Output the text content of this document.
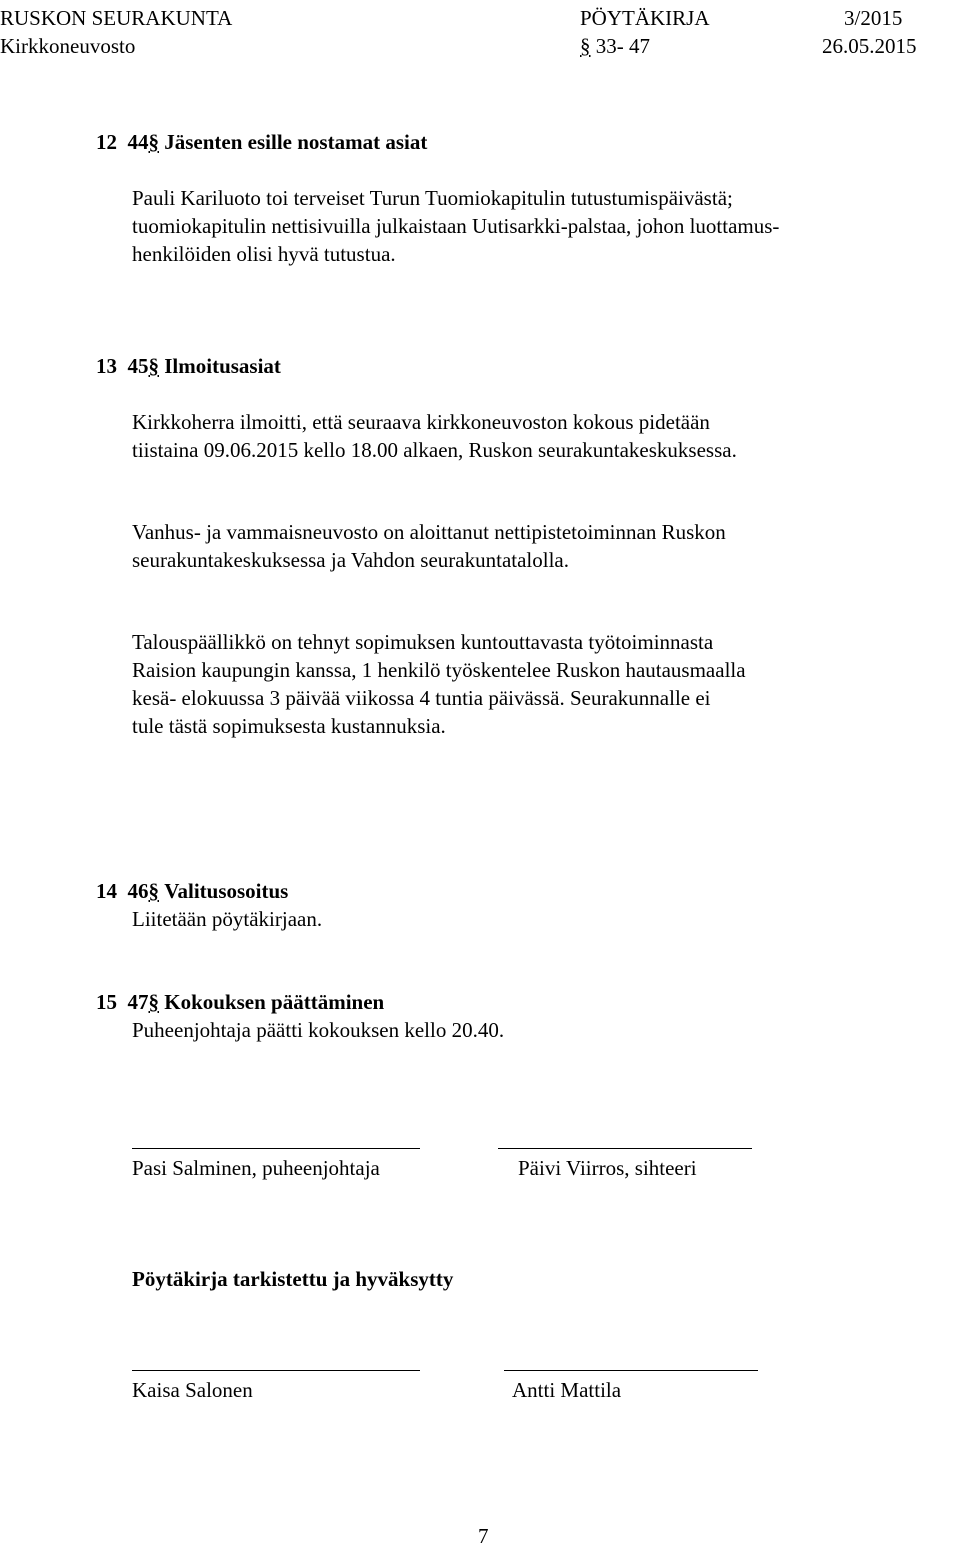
RUSKON SEURAKUNTA	PÖYTÄKIRJA	3/2015
Kirkkoneuvosto	§ 33- 47	26.05.2015
12 44§ Jäsenten esille nostamat asiat
Pauli Kariluoto toi terveiset Turun Tuomiokapitulin tutustumispäivästä;
tuomiokapitulin nettisivuilla julkaistaan Uutisarkki-palstaa, johon luottamus-
henkilöiden olisi hyvä tutustua.
13 45§ Ilmoitusasiat
Kirkkoherra ilmoitti, että seuraava kirkkoneuvoston kokous pidetään
tiistaina 09.06.2015 kello 18.00 alkaen, Ruskon seurakuntakeskuksessa.
Vanhus- ja vammaisneuvosto on aloittanut nettipistetoiminnan Ruskon
seurakuntakeskuksessa ja Vahdon seurakuntatalolla.
Talouspäällikkö on tehnyt sopimuksen kuntouttavasta työtoiminnasta
Raision kaupungin kanssa, 1 henkilö työskentelee Ruskon hautausmaalla
kesä- elokuussa 3 päivää viikossa 4 tuntia päivässä. Seurakunnalle ei
tule tästä sopimuksesta kustannuksia.
14 46§ Valitusosoitus
Liitetään pöytäkirjaan.
15 47§ Kokouksen päättäminen
Puheenjohtaja päätti kokouksen kello 20.40.
Pasi Salminen, puheenjohtaja	Päivi Viirros, sihteeri
Pöytäkirja tarkistettu ja hyväksytty
Kaisa Salonen	Antti Mattila
7
